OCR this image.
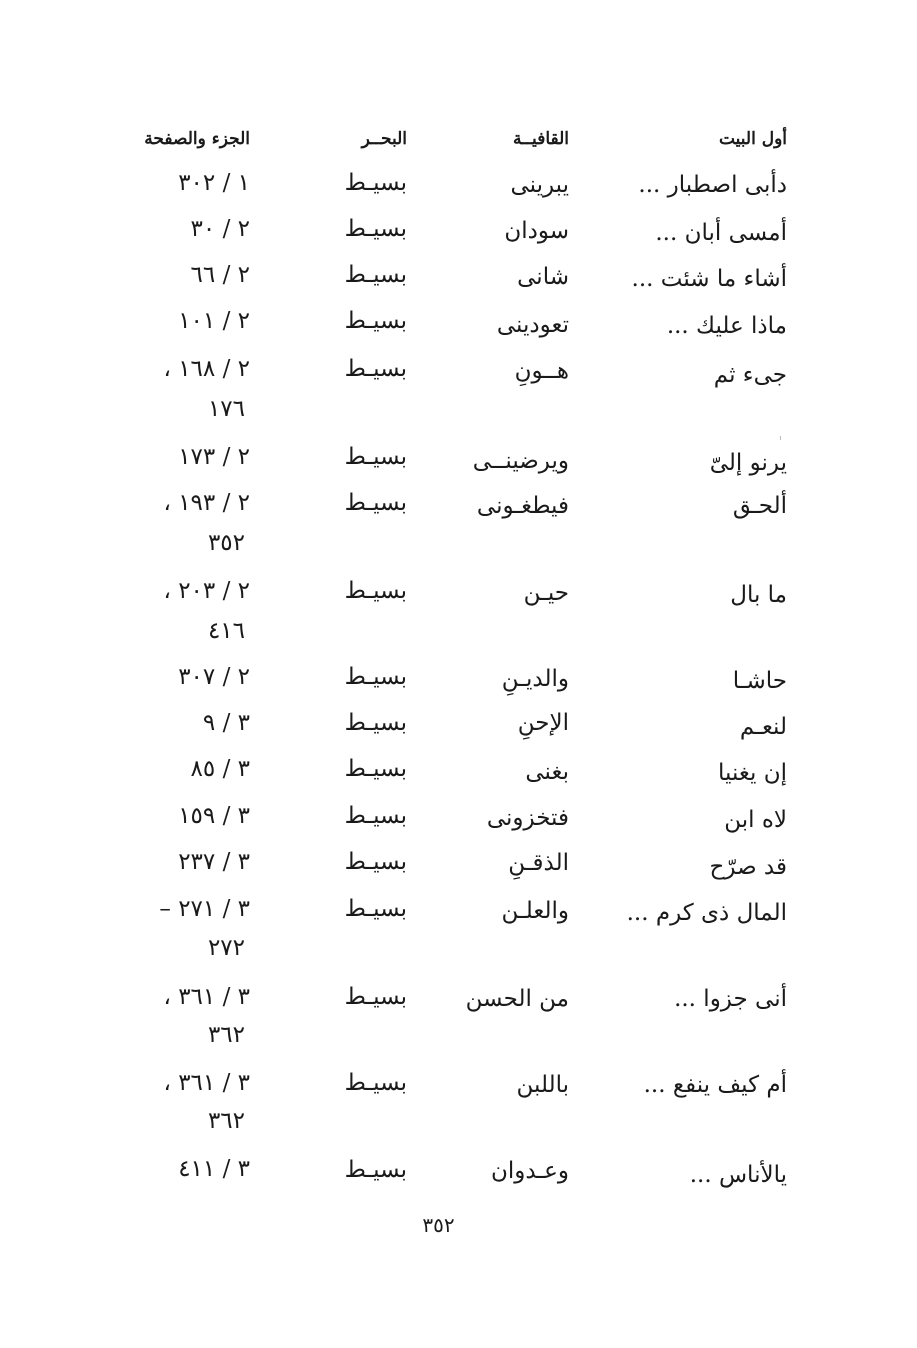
أول البيت
القافيــة
البحــر
الجزء والصفحة
دأبى اصطبار ...
يبرينى
بسيـط
١ / ٣٠٢
أمسى أبان ...
سودان
بسيـط
٢ / ٣٠
أشاء ما شئت ...
شانى
بسيـط
٢ / ٦٦
ماذا عليك ...
تعودينى
بسيـط
٢ / ١٠١
جىء ثم
هــونِ
بسيـط
٢ / ١٦٨ ،
١٧٦
يرنو إلىّ
ويرضينــى
بسيـط
٢ / ١٧٣
ألحـق
فيطغـونى
بسيـط
٢ / ١٩٣ ،
٣٥٢
ما بال
حيـن
بسيـط
٢ / ٢٠٣ ،
٤١٦
حاشـا
والديـنِ
بسيـط
٢ / ٣٠٧
لنعـم
الإحنِ
بسيـط
٣ / ٩
إن يغنيا
بغنى
بسيـط
٣ / ٨٥
لاه ابن
فتخزونى
بسيـط
٣ / ١٥٩
قد صرّح
الذقـنِ
بسيـط
٣ / ٢٣٧
المال ذى كرم ...
والعلـن
بسيـط
٣ / ٢٧١ –
٢٧٢
أنى جزوا ...
من الحسن
بسيـط
٣ / ٣٦١ ،
٣٦٢
أم كيف ينفع ...
باللبن
بسيـط
٣ / ٣٦١ ،
٣٦٢
يالأناس ...
وعـدوان
بسيـط
٣ / ٤١١
٣٥٢
